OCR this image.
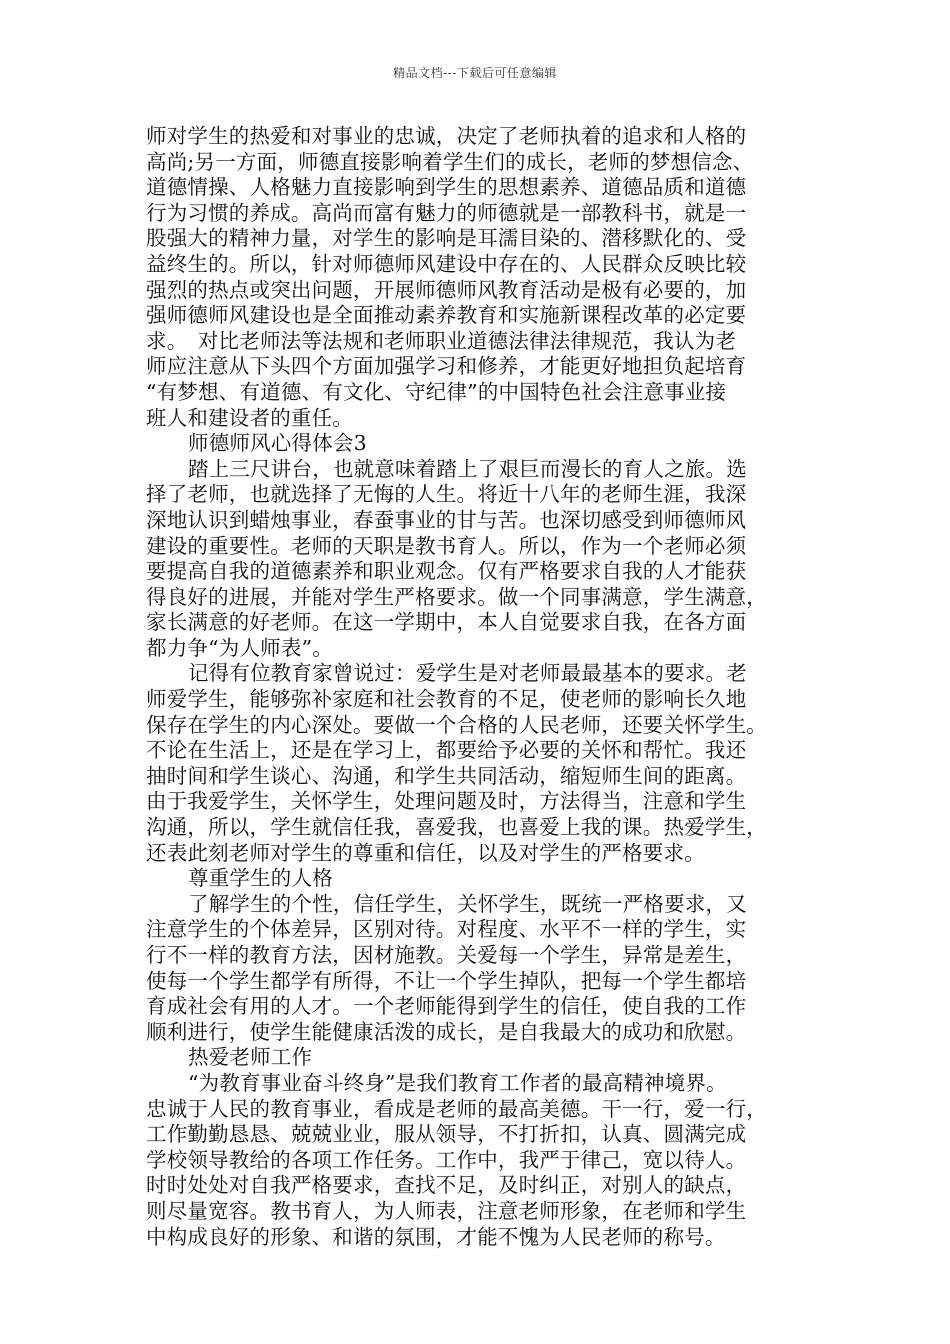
精品文档---下载后可任意编辑

师对学生的热爱和对事业的忠诚，决定了老师执着的追求和人格的

高尚;另一方面，师德直接影响着学生们的成长，老师的梦想信念、

道德情操、人格魅力直接影响到学生的思想素养、道德品质和道德

行为习惯的养成。高尚而富有魅力的师德就是一部教科书，就是一

股强大的精神力量，对学生的影响是耳濡目染的、潜移默化的、受

益终生的。所以，针对师德师风建设中存在的、人民群众反映比较

强烈的热点或突出问题，开展师德师风教育活动是极有必要的，加

强师德师风建设也是全面推动素养教育和实施新课程改革的必定要

求。　对比老师法等法规和老师职业道德法律法律规范，我认为老

师应注意从下头四个方面加强学习和修养，才能更好地担负起培育

“有梦想、有道德、有文化、守纪律”的中国特色社会注意事业接

班人和建设者的重任。

师德师风心得体会3

踏上三尺讲台，也就意味着踏上了艰巨而漫长的育人之旅。选

择了老师，也就选择了无悔的人生。将近十八年的老师生涯，我深

深地认识到蜡烛事业，春蚕事业的甘与苦。也深切感受到师德师风

建设的重要性。老师的天职是教书育人。所以，作为一个老师必须

要提高自我的道德素养和职业观念。仅有严格要求自我的人才能获

得良好的进展，并能对学生严格要求。做一个同事满意，学生满意，

家长满意的好老师。在这一学期中，本人自觉要求自我，在各方面

都力争“为人师表”。

记得有位教育家曾说过：爱学生是对老师最最基本的要求。老

师爱学生，能够弥补家庭和社会教育的不足，使老师的影响长久地

保存在学生的内心深处。要做一个合格的人民老师，还要关怀学生。

不论在生活上，还是在学习上，都要给予必要的关怀和帮忙。我还

抽时间和学生谈心、沟通，和学生共同活动，缩短师生间的距离。

由于我爱学生，关怀学生，处理问题及时，方法得当，注意和学生

沟通，所以，学生就信任我，喜爱我，也喜爱上我的课。热爱学生，

还表此刻老师对学生的尊重和信任，以及对学生的严格要求。

尊重学生的人格

了解学生的个性，信任学生，关怀学生，既统一严格要求，又

注意学生的个体差异，区别对待。对程度、水平不一样的学生，实

行不一样的教育方法，因材施教。关爱每一个学生，异常是差生，

使每一个学生都学有所得，不让一个学生掉队，把每一个学生都培

育成社会有用的人才。一个老师能得到学生的信任，使自我的工作

顺利进行，使学生能健康活泼的成长，是自我最大的成功和欣慰。

热爱老师工作

“为教育事业奋斗终身”是我们教育工作者的最高精神境界。

忠诚于人民的教育事业，看成是老师的最高美德。干一行，爱一行，

工作勤勤恳恳、兢兢业业，服从领导，不打折扣，认真、圆满完成

学校领导教给的各项工作任务。工作中，我严于律己，宽以待人。

时时处处对自我严格要求，查找不足，及时纠正，对别人的缺点，

则尽量宽容。教书育人，为人师表，注意老师形象，在老师和学生

中构成良好的形象、和谐的氛围，才能不愧为人民老师的称号。
